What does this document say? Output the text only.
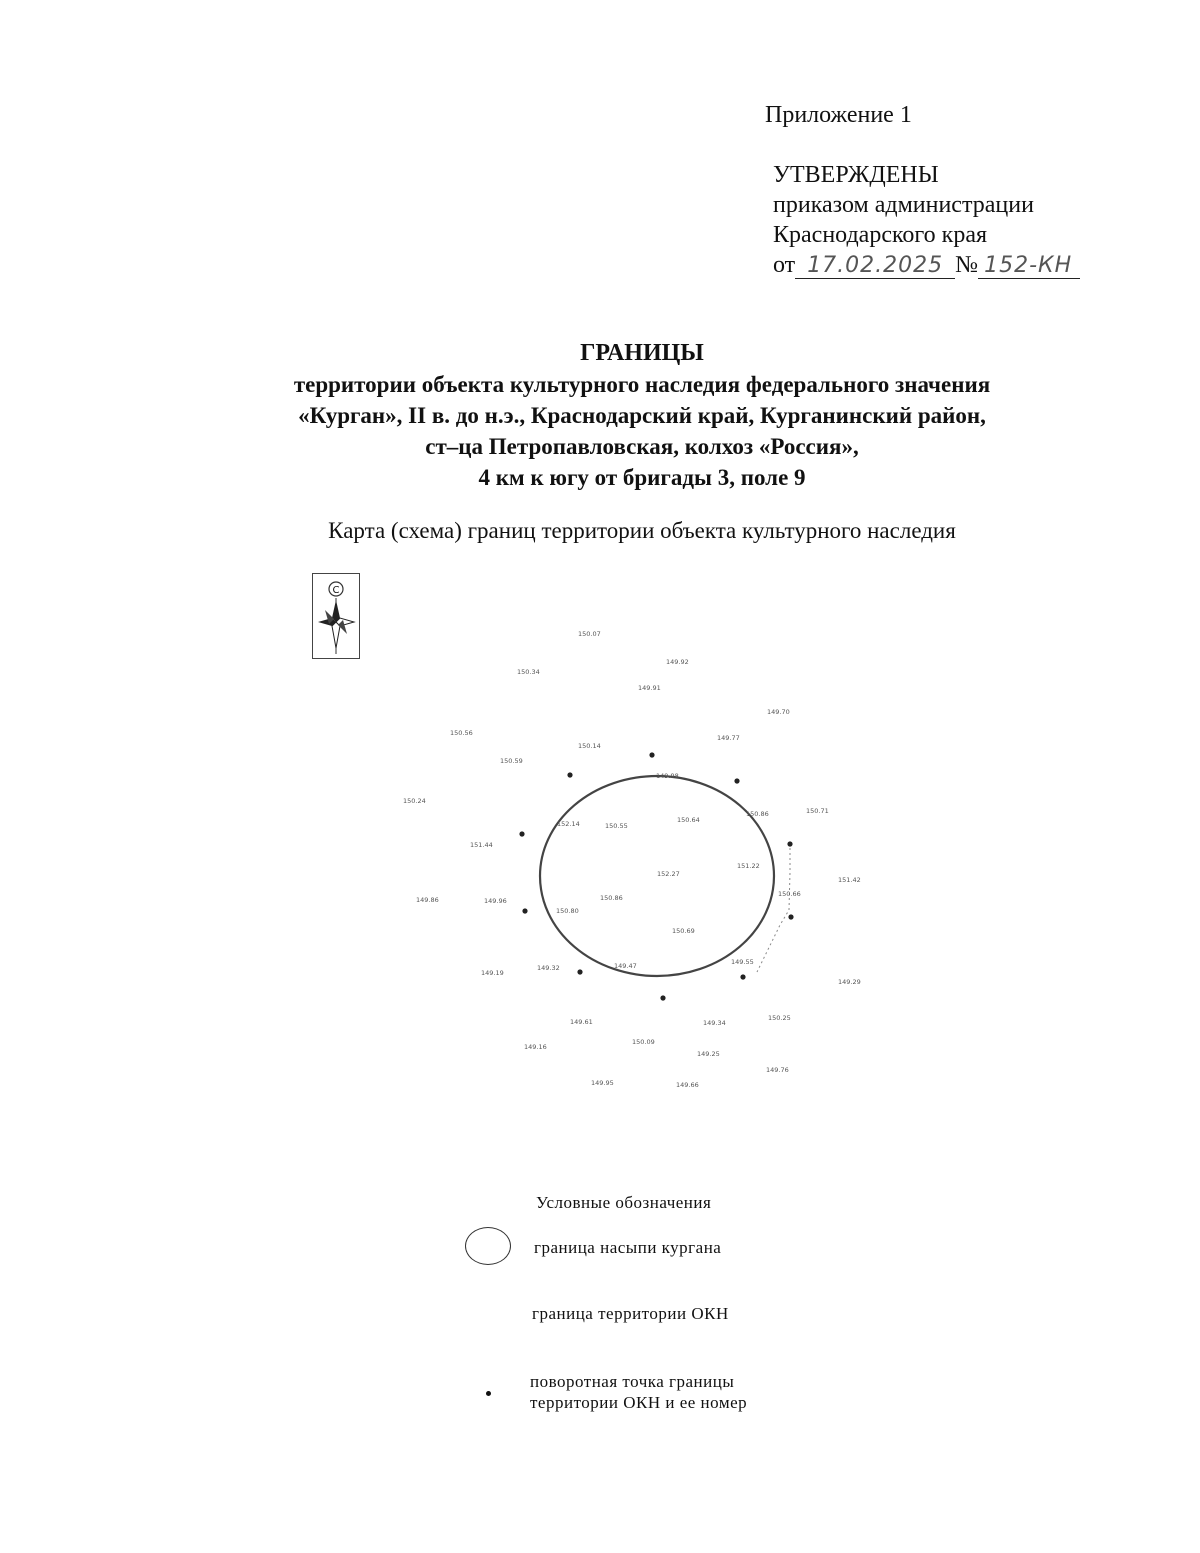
Приложение 1
УТВЕРЖДЕНЫ
приказом администрации
Краснодарского края
от 17.02.2025 № 152-КН
ГРАНИЦЫ
территории объекта культурного наследия федерального значения
«Курган», II в. до н.э., Краснодарский край, Курганинский район,
ст–ца Петропавловская, колхоз «Россия»,
4 км к югу от бригады 3, поле 9
Карта (схема) границ территории объекта культурного наследия
С
150.07
149.92
150.34
149.91
149.70
150.56
149.77
150.14
150.59
149.98
150.24
150.86	150.71
152.14	150.55
150.64
151.44
151.22
151.42
152.27
150.66
149.86	149.96
150.80
150.86
150.69
149.19
149.32	149.47	149.55
149.29
150.25
149.61	149.34
149.16
150.09
149.76
149.95	149.66
149.25
Условные обозначения
граница насыпи кургана
граница территории ОКН
поворотная точка границы
территории ОКН и ее номер
